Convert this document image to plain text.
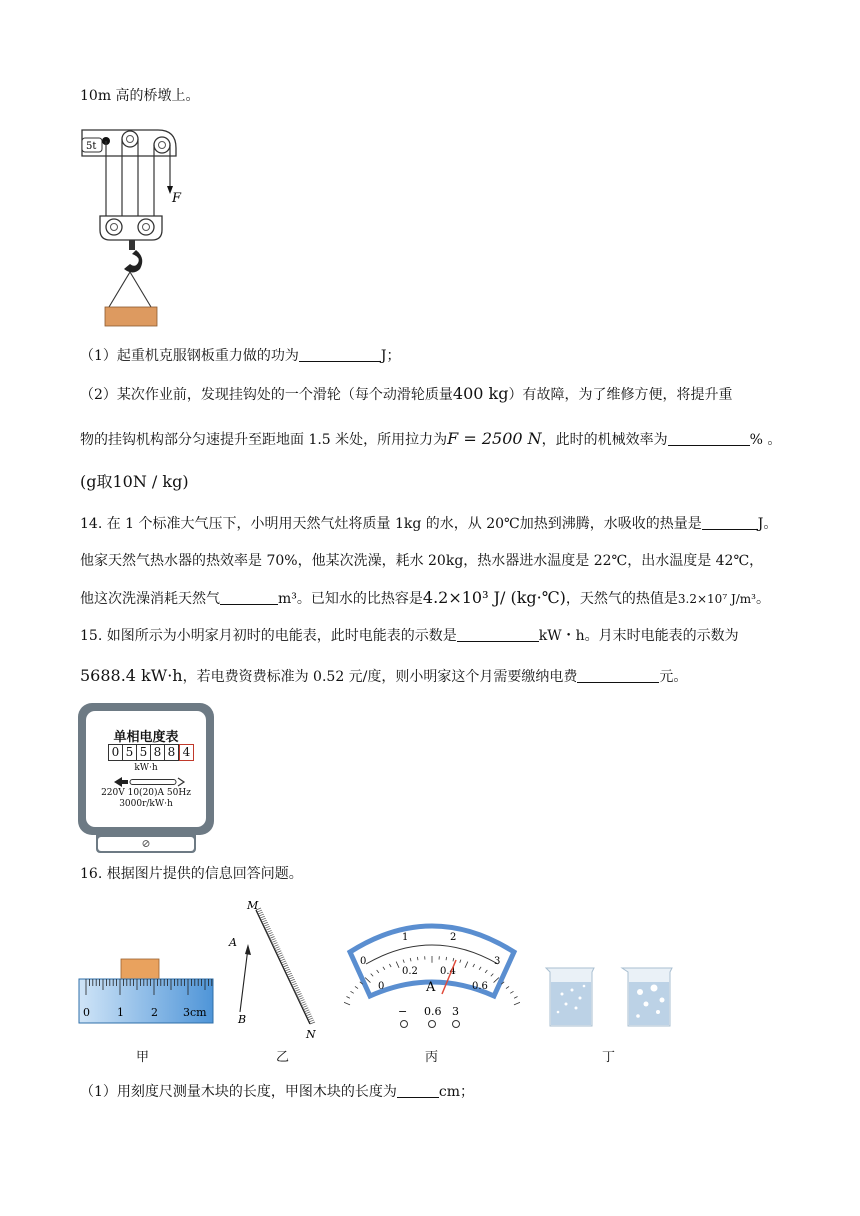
10m 高的桥墩上。
5t
F
（1）起重机克服钢板重力做的功为	J；
（2）某次作业前，发现挂钩处的一个滑轮（每个动滑轮质量400 kg）有故障，为了维修方便，将提升重
物的挂钩机构部分匀速提升至距地面 1.5 米处，所用拉力为F = 2500 N，此时的机械效率为	% 。
(g取10N / kg)
14. 在 1 个标准大气压下，小明用天然气灶将质量 1kg 的水，从 20℃加热到沸腾，水吸收的热量是	J。
他家天然气热水器的热效率是 70%，他某次洗澡，耗水 20kg，热水器进水温度是 22℃，出水温度是 42℃，
他这次洗澡消耗天然气	m³。已知水的比热容是4.2×10³ J/ (kg·℃)，天然气的热值是3.2×10⁷ J/m³。
15. 如图所示为小明家月初时的电能表，此时电能表的示数是	kW・h。月末时电能表的示数为
5688.4 kW·h，若电费资费标准为 0.52 元/度，则小明家这个月需要缴纳电费	元。
⊘
单相电度表
0 5 5 8 8 4
kW·h
220V 10(20)A 50Hz
3000r/kW·h
16. 根据图片提供的信息回答问题。
0 1 2 3cm
M
N
A
B
0
1	2
3
0
0.2 0.4
0.6
A
− 0.6 3
甲	乙	丙	丁
（1）用刻度尺测量木块的长度，甲图木块的长度为	cm；
